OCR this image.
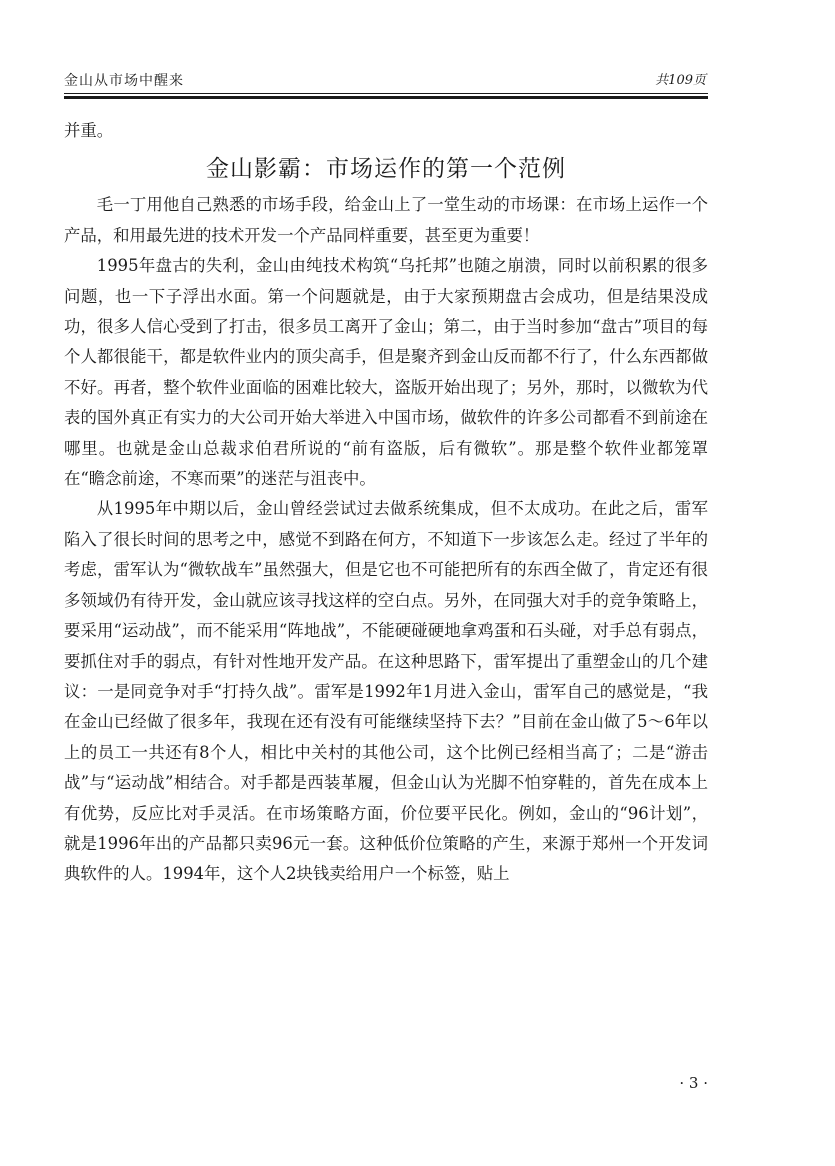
金山从市场中醒来	共109页

并重。

金山影霸：市场运作的第一个范例

毛一丁用他自己熟悉的市场手段，给金山上了一堂生动的市场课：在市场上运作一个产品，和用最先进的技术开发一个产品同样重要，甚至更为重要！

1995年盘古的失利，金山由纯技术构筑“乌托邦”也随之崩溃，同时以前积累的很多问题，也一下子浮出水面。第一个问题就是，由于大家预期盘古会成功，但是结果没成功，很多人信心受到了打击，很多员工离开了金山；第二，由于当时参加“盘古”项目的每个人都很能干，都是软件业内的顶尖高手，但是聚齐到金山反而都不行了，什么东西都做不好。再者，整个软件业面临的困难比较大，盗版开始出现了；另外，那时，以微软为代表的国外真正有实力的大公司开始大举进入中国市场，做软件的许多公司都看不到前途在哪里。也就是金山总裁求伯君所说的“前有盗版，后有微软”。那是整个软件业都笼罩在“瞻念前途，不寒而栗”的迷茫与沮丧中。

从1995年中期以后，金山曾经尝试过去做系统集成，但不太成功。在此之后，雷军陷入了很长时间的思考之中，感觉不到路在何方，不知道下一步该怎么走。经过了半年的考虑，雷军认为“微软战车”虽然强大，但是它也不可能把所有的东西全做了，肯定还有很多领域仍有待开发，金山就应该寻找这样的空白点。另外，在同强大对手的竞争策略上，要采用“运动战”，而不能采用“阵地战”，不能硬碰硬地拿鸡蛋和石头碰，对手总有弱点，要抓住对手的弱点，有针对性地开发产品。在这种思路下，雷军提出了重塑金山的几个建议：一是同竞争对手“打持久战”。雷军是1992年1月进入金山，雷军自己的感觉是，“我在金山已经做了很多年，我现在还有没有可能继续坚持下去？”目前在金山做了5～6年以上的员工一共还有8个人，相比中关村的其他公司，这个比例已经相当高了；二是“游击战”与“运动战”相结合。对手都是西装革履，但金山认为光脚不怕穿鞋的，首先在成本上有优势，反应比对手灵活。在市场策略方面，价位要平民化。例如，金山的“96计划”，就是1996年出的产品都只卖96元一套。这种低价位策略的产生，来源于郑州一个开发词典软件的人。1994年，这个人2块钱卖给用户一个标签，贴上

· 3 ·
